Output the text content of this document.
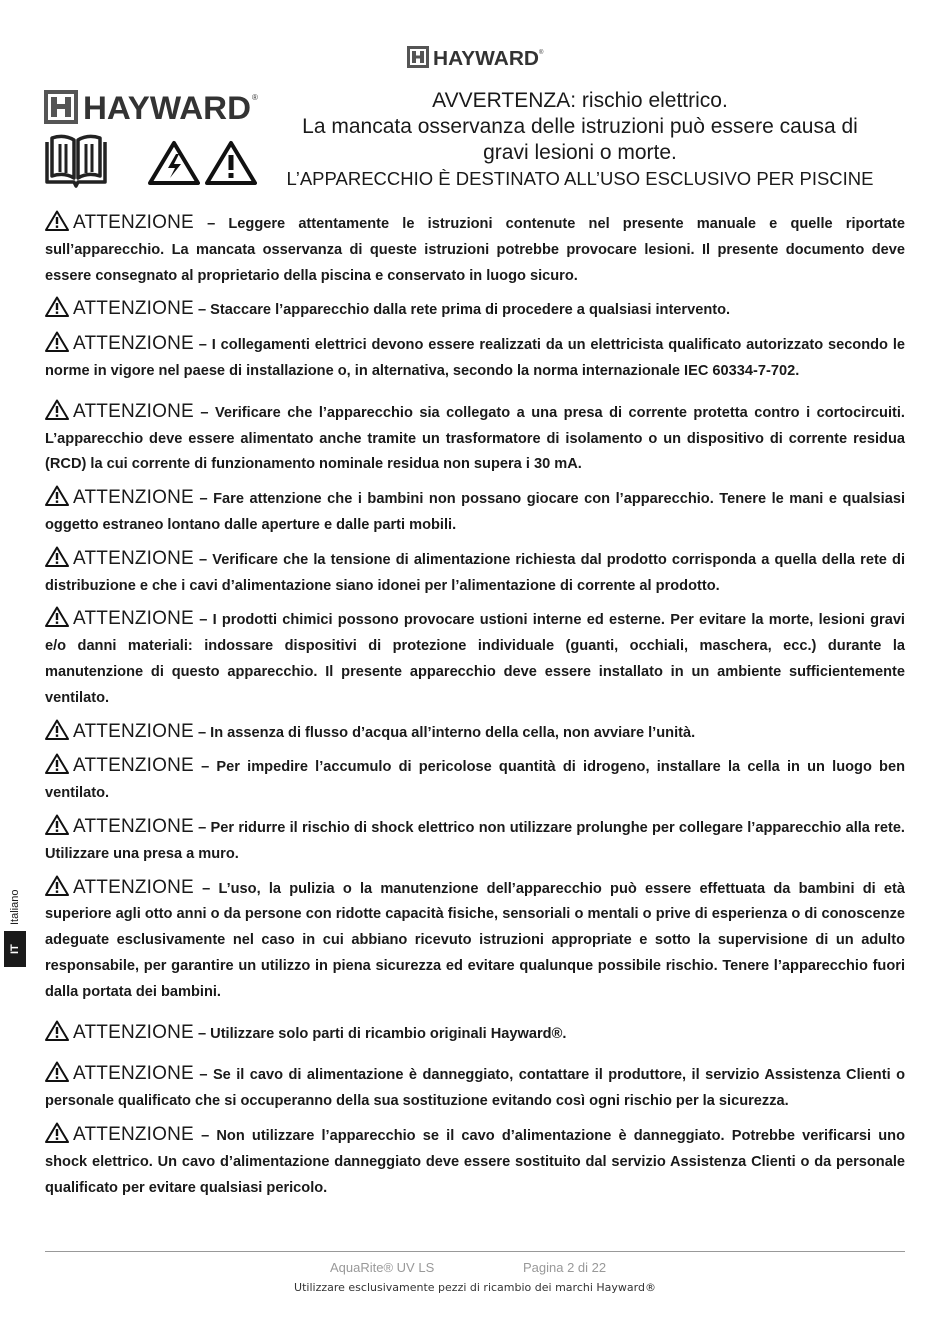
HAYWARD ®
HAYWARD ®	AVVERTENZA: rischio elettrico.
La mancata osservanza delle istruzioni può essere causa di
gravi lesioni o morte.
L’APPARECCHIO È DESTINATO ALL’USO ESCLUSIVO PER PISCINE

ATTENZIONE – Leggere attentamente le istruzioni contenute nel presente manuale e quelle riportate sull’apparecchio. La mancata osservanza di queste istruzioni potrebbe provocare lesioni. Il presente documento deve essere consegnato al proprietario della piscina e conservato in luogo sicuro.

ATTENZIONE – Staccare l’apparecchio dalla rete prima di procedere a qualsiasi intervento.

ATTENZIONE – I collegamenti elettrici devono essere realizzati da un elettricista qualificato autorizzato secondo le norme in vigore nel paese di installazione o, in alternativa, secondo la norma internazionale IEC 60334-7-702.

ATTENZIONE – Verificare che l’apparecchio sia collegato a una presa di corrente protetta contro i cortocircuiti. L’apparecchio deve essere alimentato anche tramite un trasformatore di isolamento o un dispositivo di corrente residua (RCD) la cui corrente di funzionamento nominale residua non supera i 30 mA.

ATTENZIONE – Fare attenzione che i bambini non possano giocare con l’apparecchio. Tenere le mani e qualsiasi oggetto estraneo lontano dalle aperture e dalle parti mobili.

ATTENZIONE – Verificare che la tensione di alimentazione richiesta dal prodotto corrisponda a quella della rete di distribuzione e che i cavi d’alimentazione siano idonei per l’alimentazione di corrente al prodotto.

ATTENZIONE – I prodotti chimici possono provocare ustioni interne ed esterne. Per evitare la morte, lesioni gravi e/o danni materiali: indossare dispositivi di protezione individuale (guanti, occhiali, maschera, ecc.) durante la manutenzione di questo apparecchio. Il presente apparecchio deve essere installato in un ambiente sufficientemente ventilato.

ATTENZIONE – In assenza di flusso d’acqua all’interno della cella, non avviare l’unità.

ATTENZIONE – Per impedire l’accumulo di pericolose quantità di idrogeno, installare la cella in un luogo ben ventilato.

ATTENZIONE – Per ridurre il rischio di shock elettrico non utilizzare prolunghe per collegare l’apparecchio alla rete. Utilizzare una presa a muro.

ATTENZIONE – L’uso, la pulizia o la manutenzione dell’apparecchio può essere effettuata da bambini di età superiore agli otto anni o da persone con ridotte capacità fisiche, sensoriali o mentali o prive di esperienza o di conoscenze adeguate esclusivamente nel caso in cui abbiano ricevuto istruzioni appropriate e sotto la supervisione di un adulto responsabile, per garantire un utilizzo in piena sicurezza ed evitare qualunque possibile rischio. Tenere l’apparecchio fuori dalla portata dei bambini.

ATTENZIONE – Utilizzare solo parti di ricambio originali Hayward®.

ATTENZIONE – Se il cavo di alimentazione è danneggiato, contattare il produttore, il servizio Assistenza Clienti o personale qualificato che si occuperanno della sua sostituzione evitando così ogni rischio per la sicurezza.

ATTENZIONE – Non utilizzare l’apparecchio se il cavo d’alimentazione è danneggiato. Potrebbe verificarsi uno shock elettrico. Un cavo d’alimentazione danneggiato deve essere sostituito dal servizio Assistenza Clienti o da personale qualificato per evitare qualsiasi pericolo.

Italiano
IT
AquaRite® UV LS	Pagina 2 di 22
Utilizzare esclusivamente pezzi di ricambio dei marchi Hayward®
